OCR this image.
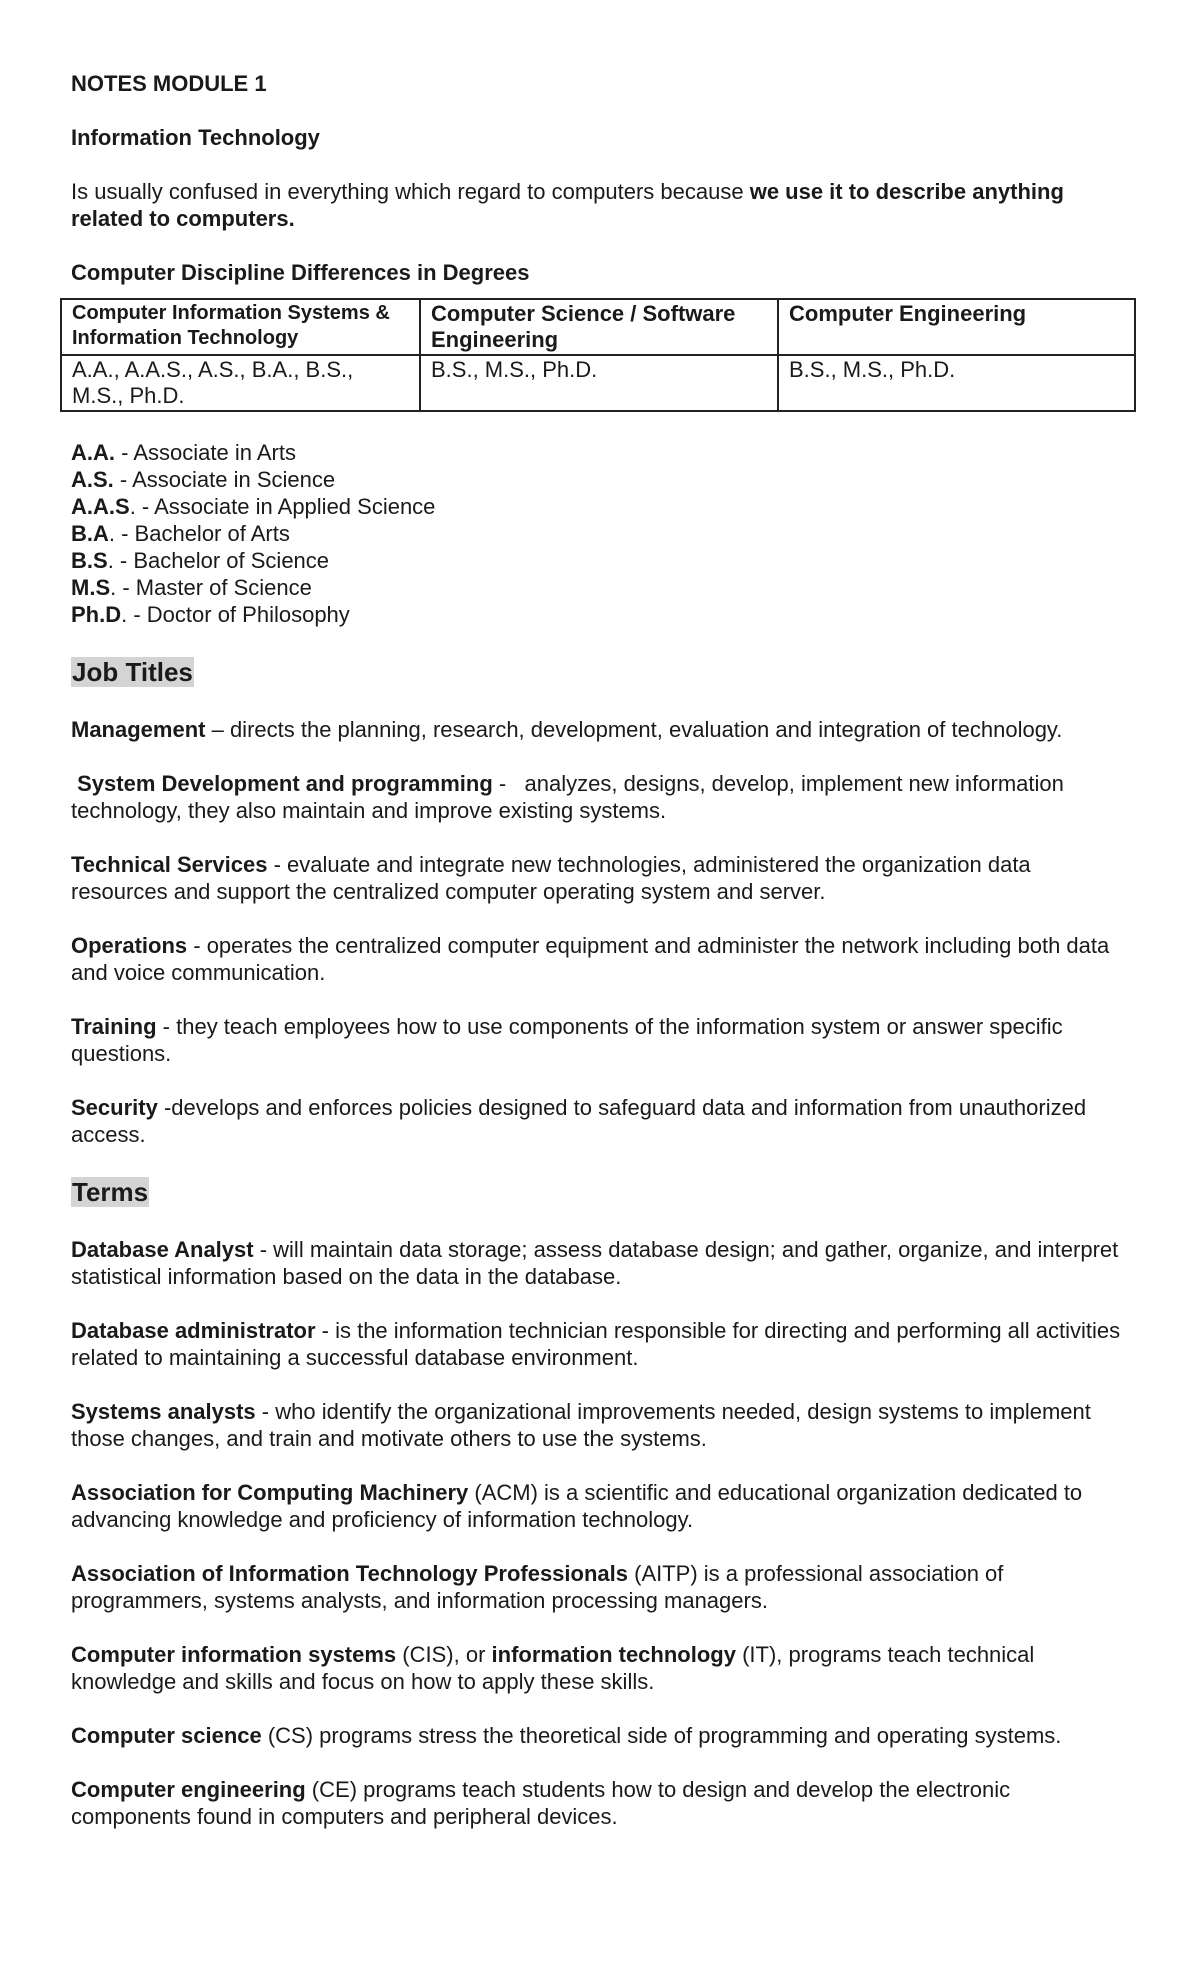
NOTES MODULE 1

Information Technology

Is usually confused in everything which regard to computers because we use it to describe anything related to computers.

Computer Discipline Differences in Degrees

Computer Information Systems & Information Technology	Computer Science / Software Engineering	Computer Engineering
A.A., A.A.S., A.S., B.A., B.S., M.S., Ph.D.	B.S., M.S., Ph.D.	B.S., M.S., Ph.D.

A.A. - Associate in Arts

A.S. - Associate in Science

A.A.S. - Associate in Applied Science

B.A. - Bachelor of Arts

B.S. - Bachelor of Science

M.S. - Master of Science

Ph.D. - Doctor of Philosophy

Job Titles

Management – directs the planning, research, development, evaluation and integration of technology.

System Development and programming -   analyzes, designs, develop, implement new information technology, they also maintain and improve existing systems.

Technical Services - evaluate and integrate new technologies, administered the organization data resources and support the centralized computer operating system and server.

Operations - operates the centralized computer equipment and administer the network including both data and voice communication.

Training - they teach employees how to use components of the information system or answer specific questions.

Security -develops and enforces policies designed to safeguard data and information from unauthorized access.

Terms

Database Analyst - will maintain data storage; assess database design; and gather, organize, and interpret statistical information based on the data in the database.

Database administrator - is the information technician responsible for directing and performing all activities related to maintaining a successful database environment.

Systems analysts - who identify the organizational improvements needed, design systems to implement those changes, and train and motivate others to use the systems.

Association for Computing Machinery (ACM) is a scientific and educational organization dedicated to advancing knowledge and proficiency of information technology.

Association of Information Technology Professionals (AITP) is a professional association of programmers, systems analysts, and information processing managers.

Computer information systems (CIS), or information technology (IT), programs teach technical knowledge and skills and focus on how to apply these skills.

Computer science (CS) programs stress the theoretical side of programming and operating systems.

Computer engineering (CE) programs teach students how to design and develop the electronic components found in computers and peripheral devices.
